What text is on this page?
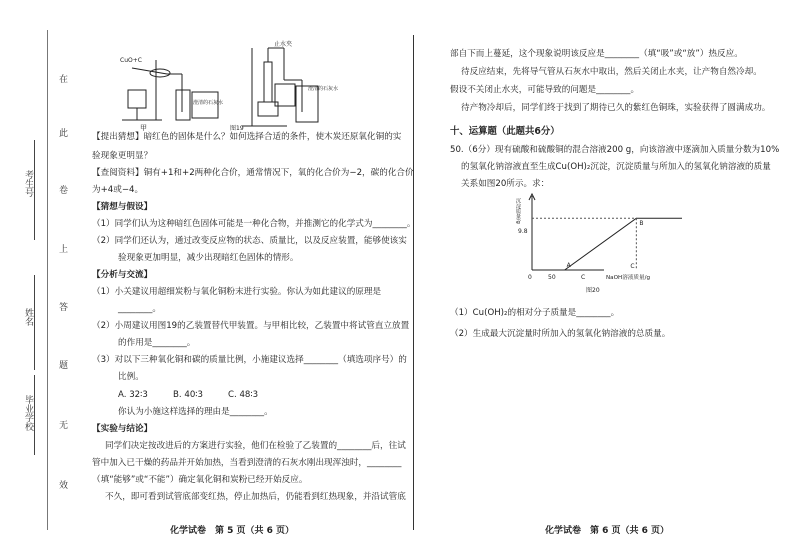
在
此
卷
上
答
题
无
效
考生号
姓名
毕业学校
CuO+C
甲
澄清的石灰水
止水夹
澄清的石灰水
图19
【提出猜想】暗红色的固体是什么？如何选择合适的条件，使木炭还原氧化铜的实
验现象更明显？
【查阅资料】铜有+1和+2两种化合价，通常情况下，氧的化合价为−2，碳的化合价
为+4或−4。
【猜想与假设】
（1）同学们认为这种暗红色固体可能是一种化合物，并推测它的化学式为________。
（2）同学们还认为，通过改变反应物的状态、质量比，以及反应装置，能够使该实
验现象更加明显，减少出现暗红色固体的情形。
【分析与交流】
（1）小关建议用超细炭粉与氧化铜粉末进行实验。你认为如此建议的原理是
________。
（2）小周建议用图19的乙装置替代甲装置。与甲相比较，乙装置中将试管直立放置
的作用是________。
（3）对以下三种氧化铜和碳的质量比例，小施建议选择________（填选项序号）的
比例。
A. 32∶3	B. 40∶3	C. 48∶3
你认为小施这样选择的理由是________。
【实验与结论】
同学们决定按改进后的方案进行实验，他们在检验了乙装置的________后，往试
管中加入已干燥的药品并开始加热，当看到澄清的石灰水刚出现浑浊时，________
（填“能够”或“不能”）确定氧化铜和炭粉已经开始反应。
不久，即可看到试管底部变红热，停止加热后，仍能看到红热现象，并沿试管底
化学试卷　第 5 页（共 6 页）
部自下而上蔓延，这个现象说明该反应是________（填“吸”或“放”）热反应。
待反应结束，先将导气管从石灰水中取出，然后关闭止水夹，让产物自然冷却。
假设不关闭止水夹，可能导致的问题是________。
待产物冷却后，同学们终于找到了期待已久的紫红色铜珠，实验获得了圆满成功。
十、运算题（此题共6分）
50.（6分）现有硫酸和硫酸铜的混合溶液200 g，向该溶液中逐滴加入质量分数为10%
的氢氧化钠溶液直至生成Cu(OH)₂沉淀，沉淀质量与所加入的氢氧化钠溶液的质量
关系如图20所示。求：
A
B
C
沉淀质量/g
9.8
0	50	C	NaOH溶液质量/g
图20
（1）Cu(OH)₂的相对分子质量是________。
（2）生成最大沉淀量时所加入的氢氧化钠溶液的总质量。
化学试卷　第 6 页（共 6 页）
